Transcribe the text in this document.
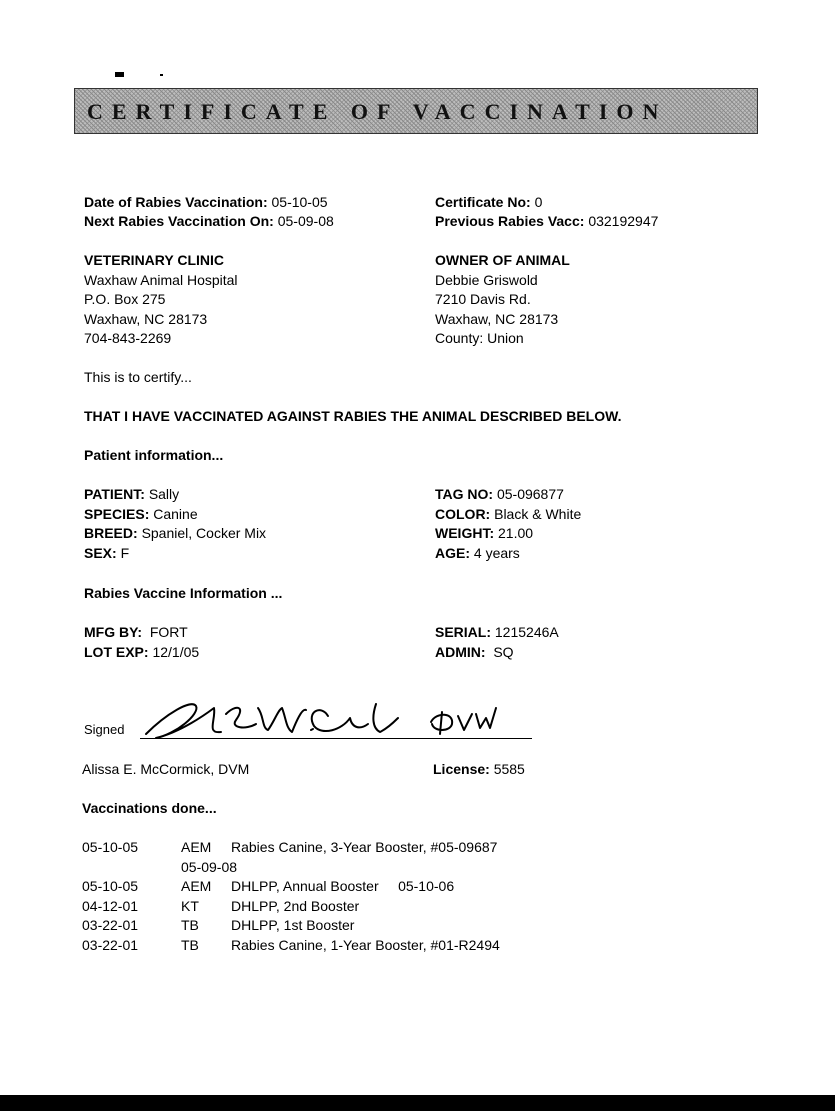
CERTIFICATE OF VACCINATION
Date of Rabies Vaccination: 05-10-05
Next Rabies Vaccination On: 05-09-08
Certificate No: 0
Previous Rabies Vacc: 032192947
VETERINARY CLINIC
Waxhaw Animal Hospital
P.O. Box 275
Waxhaw, NC 28173
704-843-2269
OWNER OF ANIMAL
Debbie Griswold
7210 Davis Rd.
Waxhaw, NC 28173
County: Union
This is to certify...
THAT I HAVE VACCINATED AGAINST RABIES THE ANIMAL DESCRIBED BELOW.
Patient information...
PATIENT: Sally
SPECIES: Canine
BREED: Spaniel, Cocker Mix
SEX: F
TAG NO: 05-096877
COLOR: Black & White
WEIGHT: 21.00
AGE: 4 years
Rabies Vaccine Information ...
MFG BY: FORT
LOT EXP: 12/1/05
SERIAL: 1215246A
ADMIN: SQ
Signed
Alissa E. McCormick, DVM	License: 5585
Vaccinations done...
05-10-05	AEM Rabies Canine, 3-Year Booster, #05-09687
05-09-08
05-10-05	AEM DHLPP, Annual Booster     05-10-06
04-12-01	KT DHLPP, 2nd Booster
03-22-01	TB DHLPP, 1st Booster
03-22-01	TB Rabies Canine, 1-Year Booster, #01-R2494
